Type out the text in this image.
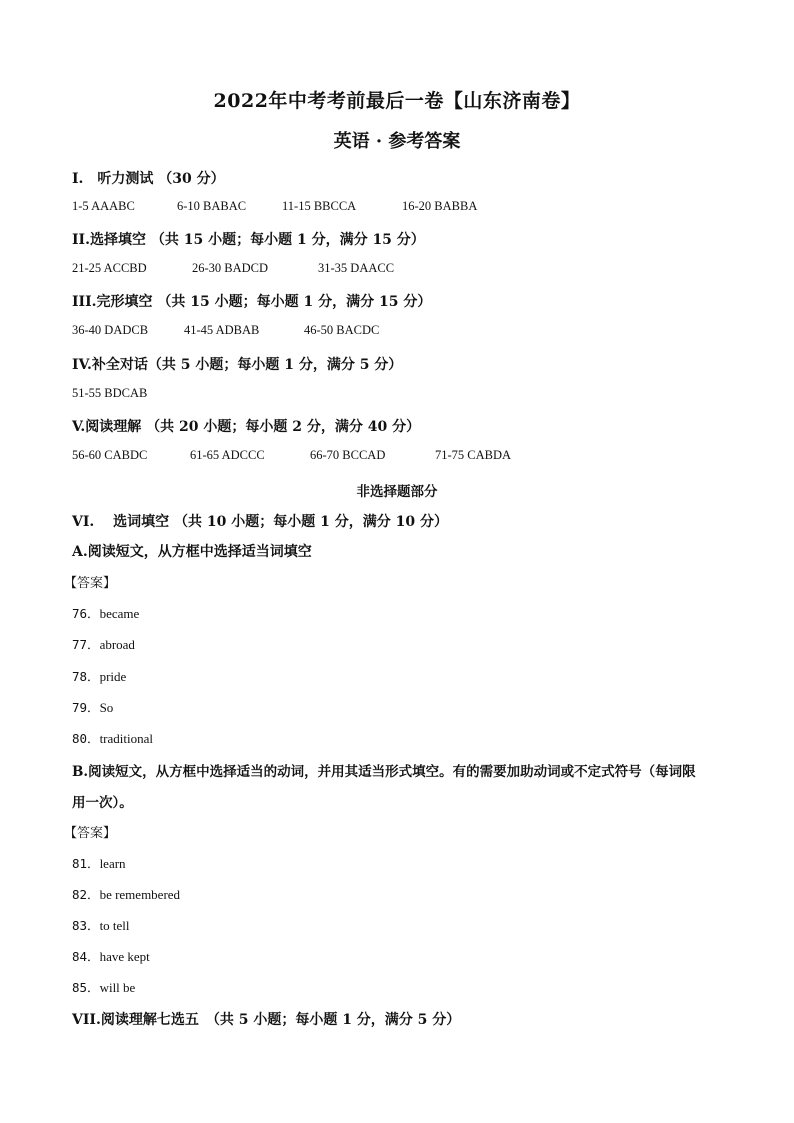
2022年中考考前最后一卷【山东济南卷】
英语 · 参考答案
I.　听力测试 （30 分）
1-5 AAABC	6-10 BABAC	11-15 BBCCA	16-20 BABBA
II.选择填空 （共 15 小题；每小题 1 分，满分 15 分）
21-25 ACCBD	26-30 BADCD	31-35 DAACC
III.完形填空 （共 15 小题；每小题 1 分，满分 15 分）
36-40 DADCB	41-45 ADBAB	46-50 BACDC
IV.补全对话（共 5 小题；每小题 1 分，满分 5 分）
51-55 BDCAB
V.阅读理解 （共 20 小题；每小题 2 分，满分 40 分）
56-60 CABDC	61-65 ADCCC	66-70 BCCAD	71-75 CABDA
非选择题部分
VI.　 选词填空 （共 10 小题；每小题 1 分，满分 10 分）
A.阅读短文，从方框中选择适当词填空
【答案】
76．became
77．abroad
78．pride
79．So
80．traditional
B.阅读短文，从方框中选择适当的动词，并用其适当形式填空。有的需要加助动词或不定式符号（每词限
用一次）。
【答案】
81．learn
82．be remembered
83．to tell
84．have kept
85．will be
VII.阅读理解七选五　（共 5 小题；每小题 1 分，满分 5 分）
